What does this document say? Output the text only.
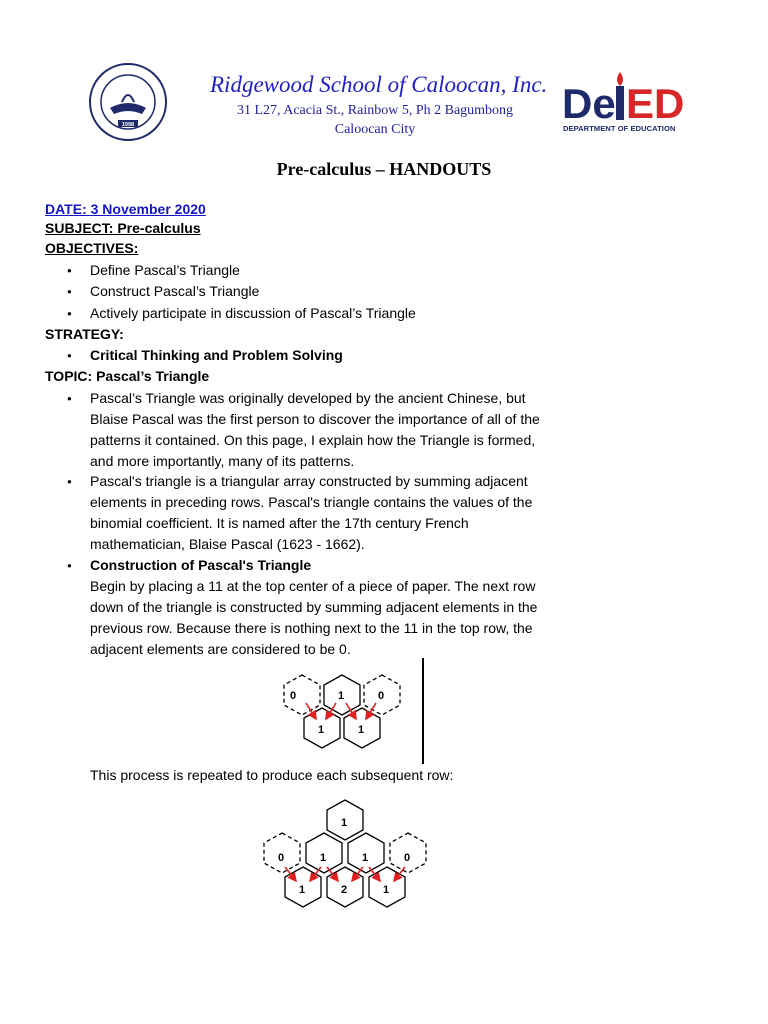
1998
Ridgewood School of Caloocan, Inc.
31 L27, Acacia St., Rainbow 5, Ph 2 Bagumbong
Caloocan City
De ED
DEPARTMENT OF EDUCATION
Pre-calculus – HANDOUTS
DATE: 3 November 2020
SUBJECT: Pre-calculus
OBJECTIVES:
● Define Pascal’s Triangle
● Construct Pascal’s Triangle
● Actively participate in discussion of Pascal’s Triangle
STRATEGY:
● Critical Thinking and Problem Solving
TOPIC: Pascal’s Triangle
● Pascal’s Triangle was originally developed by the ancient Chinese, but
Blaise Pascal was the first person to discover the importance of all of the
patterns it contained. On this page, I explain how the Triangle is formed,
and more importantly, many of its patterns.
● Pascal's triangle is a triangular array constructed by summing adjacent
elements in preceding rows. Pascal's triangle contains the values of the
binomial coefficient. It is named after the 17th century French
mathematician, Blaise Pascal (1623 - 1662).
● Construction of Pascal's Triangle
Begin by placing a 11 at the top center of a piece of paper. The next row
down of the triangle is constructed by summing adjacent elements in the
previous row. Because there is nothing next to the 11 in the top row, the
adjacent elements are considered to be 0.
0	1	0
1	1
This process is repeated to produce each subsequent row:
1
0	1	1	0
1	2	1
